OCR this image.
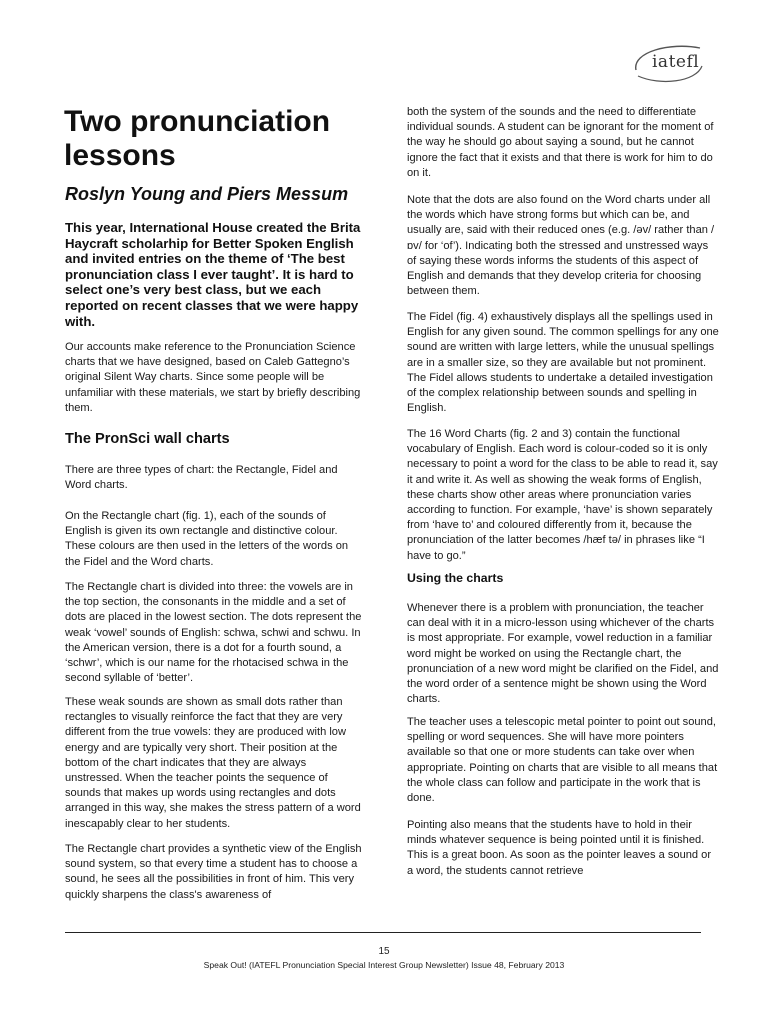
iatefl
Two pronunciation lessons

Roslyn Young and Piers Messum

This year, International House created the Brita Haycraft scholarhip for Better Spoken English and invited entries on the theme of ‘The best pronunciation class I ever taught’. It is hard to select one’s very best class, but we each reported on recent classes that we were happy with.

Our accounts make reference to the Pronunciation Science charts that we have designed, based on Caleb Gattegno’s original Silent Way charts. Since some people will be unfamiliar with these materials, we start by briefly describing them.

The PronSci wall charts

There are three types of chart: the Rectangle, Fidel and Word charts.

On the Rectangle chart (fig. 1), each of the sounds of English is given its own rectangle and distinctive colour. These colours are then used in the letters of the words on the Fidel and the Word charts.

The Rectangle chart is divided into three: the vowels are in the top section, the consonants in the middle and a set of dots are placed in the lowest section. The dots represent the weak ‘vowel’ sounds of English: schwa, schwi and schwu. In the American version, there is a dot for a fourth sound, a ‘schwr’, which is our name for the rhotacised schwa in the second syllable of ‘better’.

These weak sounds are shown as small dots rather than rectangles to visually reinforce the fact that they are very different from the true vowels: they are produced with low energy and are typically very short. Their position at the bottom of the chart indicates that they are always unstressed. When the teacher points the sequence of sounds that makes up words using rectangles and dots arranged in this way, she makes the stress pattern of a word inescapably clear to her students.

The Rectangle chart provides a synthetic view of the English sound system, so that every time a student has to choose a sound, he sees all the possibilities in front of him. This very quickly sharpens the class's awareness of

both the system of the sounds and the need to differentiate individual sounds. A student can be ignorant for the moment of the way he should go about saying a sound, but he cannot ignore the fact that it exists and that there is work for him to do on it.

Note that the dots are also found on the Word charts under all the words which have strong forms but which can be, and usually are, said with their reduced ones (e.g. /əv/ rather than /ɒv/ for ‘of’). Indicating both the stressed and unstressed ways of saying these words informs the students of this aspect of English and demands that they develop criteria for choosing between them.

The Fidel (fig. 4) exhaustively displays all the spellings used in English for any given sound. The common spellings for any one sound are written with large letters, while the unusual spellings are in a smaller size, so they are available but not prominent. The Fidel allows students to undertake a detailed investigation of the complex relationship between sounds and spelling in English.

The 16 Word Charts (fig. 2 and 3) contain the functional vocabulary of English. Each word is colour-coded so it is only necessary to point a word for the class to be able to read it, say it and write it. As well as showing the weak forms of English, these charts show other areas where pronunciation varies according to function. For example, ‘have’ is shown separately from ‘have to’ and coloured differently from it, because the pronunciation of the latter becomes /hæf tə/ in phrases like “I have to go.”

Using the charts

Whenever there is a problem with pronunciation, the teacher can deal with it in a micro-lesson using whichever of the charts is most appropriate. For example, vowel reduction in a familiar word might be worked on using the Rectangle chart, the pronunciation of a new word might be clarified on the Fidel, and the word order of a sentence might be shown using the Word charts.

The teacher uses a telescopic metal pointer to point out sound, spelling or word sequences. She will have more pointers available so that one or more students can take over when appropriate. Pointing on charts that are visible to all means that the whole class can follow and participate in the work that is done.

Pointing also means that the students have to hold in their minds whatever sequence is being pointed until it is finished. This is a great boon. As soon as the pointer leaves a sound or a word, the students cannot retrieve

15
Speak Out! (IATEFL Pronunciation Special Interest Group Newsletter) Issue 48, February 2013
